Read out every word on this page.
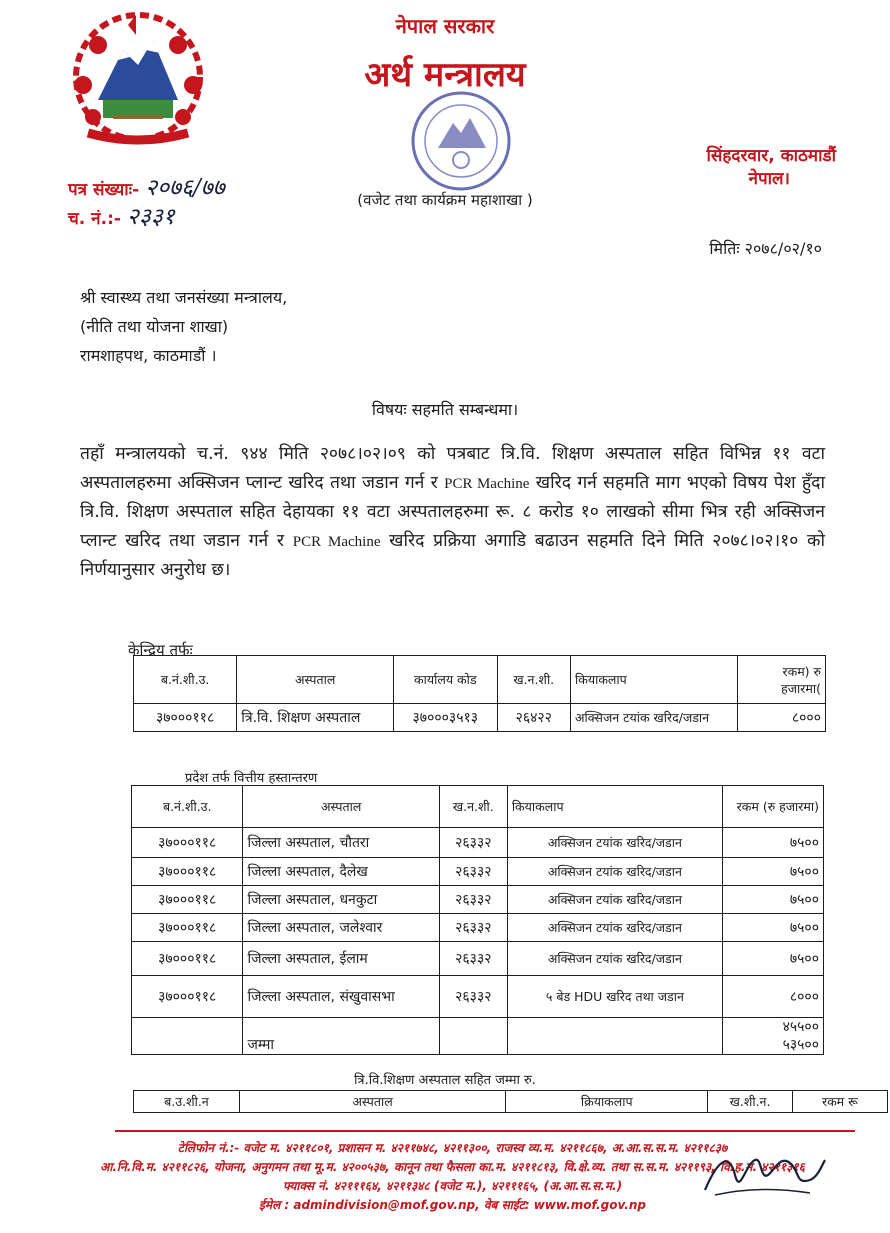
नेपाल सरकार
अर्थ मन्त्रालय
(वजेट तथा कार्यक्रम महाशाखा )
सिंहदरवार, काठमाडौं
नेपाल।
पत्र संख्याः- २०७६/७७
च. नं.:- २३३१
मितिः २०७८/०२/१०
श्री स्वास्थ्य तथा जनसंख्या मन्त्रालय,
(नीति तथा योजना शाखा)
रामशाहपथ, काठमाडौं ।
विषयः सहमति सम्बन्धमा।
तहाँ मन्त्रालयको च.नं. ९४४ मिति २०७८।०२।०९ को पत्रबाट त्रि.वि. शिक्षण अस्पताल सहित विभिन्न ११ वटा अस्पतालहरुमा अक्सिजन प्लान्ट खरिद तथा जडान गर्न र PCR Machine खरिद गर्न सहमति माग भएको विषय पेश हुँदा त्रि.वि. शिक्षण अस्पताल सहित देहायका ११ वटा अस्पतालहरुमा रू. ८ करोड १० लाखको सीमा भित्र रही अक्सिजन प्लान्ट खरिद तथा जडान गर्न र PCR Machine खरिद प्रक्रिया अगाडि बढाउन सहमति दिने मिति २०७८।०२।१० को निर्णयानुसार अनुरोध छ।
केन्द्रिय तर्फः
ब.नं.शी.उ.	अस्पताल	कार्यालय कोड	ख.न.शी.	कियाकलाप	रकम) रु हजारमा(
३७०००११८	त्रि.वि. शिक्षण अस्पताल	३७०००३५१३	२६४२२	अक्सिजन टयांक खरिद/जडान	८०००
प्रदेश तर्फ वित्तीय हस्तान्तरण
ब.नं.शी.उ.	अस्पताल	ख.न.शी.	कियाकलाप	रकम (रु हजारमा)
३७०००११८	जिल्ला अस्पताल, चौतरा	२६३३२	अक्सिजन टयांक खरिद/जडान	७५००
३७०००११८	जिल्ला अस्पताल, दैलेख	२६३३२	अक्सिजन टयांक खरिद/जडान	७५००
३७०००११८	जिल्ला अस्पताल, धनकुटा	२६३३२	अक्सिजन टयांक खरिद/जडान	७५००
३७०००११८	जिल्ला अस्पताल, जलेश्वार	२६३३२	अक्सिजन टयांक खरिद/जडान	७५००
३७०००११८	जिल्ला अस्पताल, ईलाम	२६३३२	अक्सिजन टयांक खरिद/जडान	७५००
३७०००११८	जिल्ला अस्पताल, संखुवासभा	२६३३२	५ बेड HDU खरिद तथा जडान	८०००
	जम्मा			४५५००
५३५००
त्रि.वि.शिक्षण अस्पताल सहित जम्मा रु.
ब.उ.शी.न	अस्पताल	क्रियाकलाप	ख.शी.न.	रकम रू
टेलिफोन नं.:- वजेट म. ४२११८०१, प्रशासन म. ४२११७४८, ४२११३००, राजस्व व्य.म. ४२११८६७, अ.आ.स.स.म. ४२११८३७
आ.नि.वि.म. ४२११८२६, योजना, अनुगमन तथा मू.म. ४२००५३७, कानून तथा फैसला का.म. ४२११८१३, वि.क्षे.व्य. तथा स.स.म. ४२११९३, वि.ह.म. ४२११३१६
फ्याक्स नं. ४२१११६४, ४२११३४८ (वजेट म.), ४२१११६५, (अ.आ.स.स.म.)
ईमेल : admindivision@mof.gov.np, वेब साईट: www.mof.gov.np
